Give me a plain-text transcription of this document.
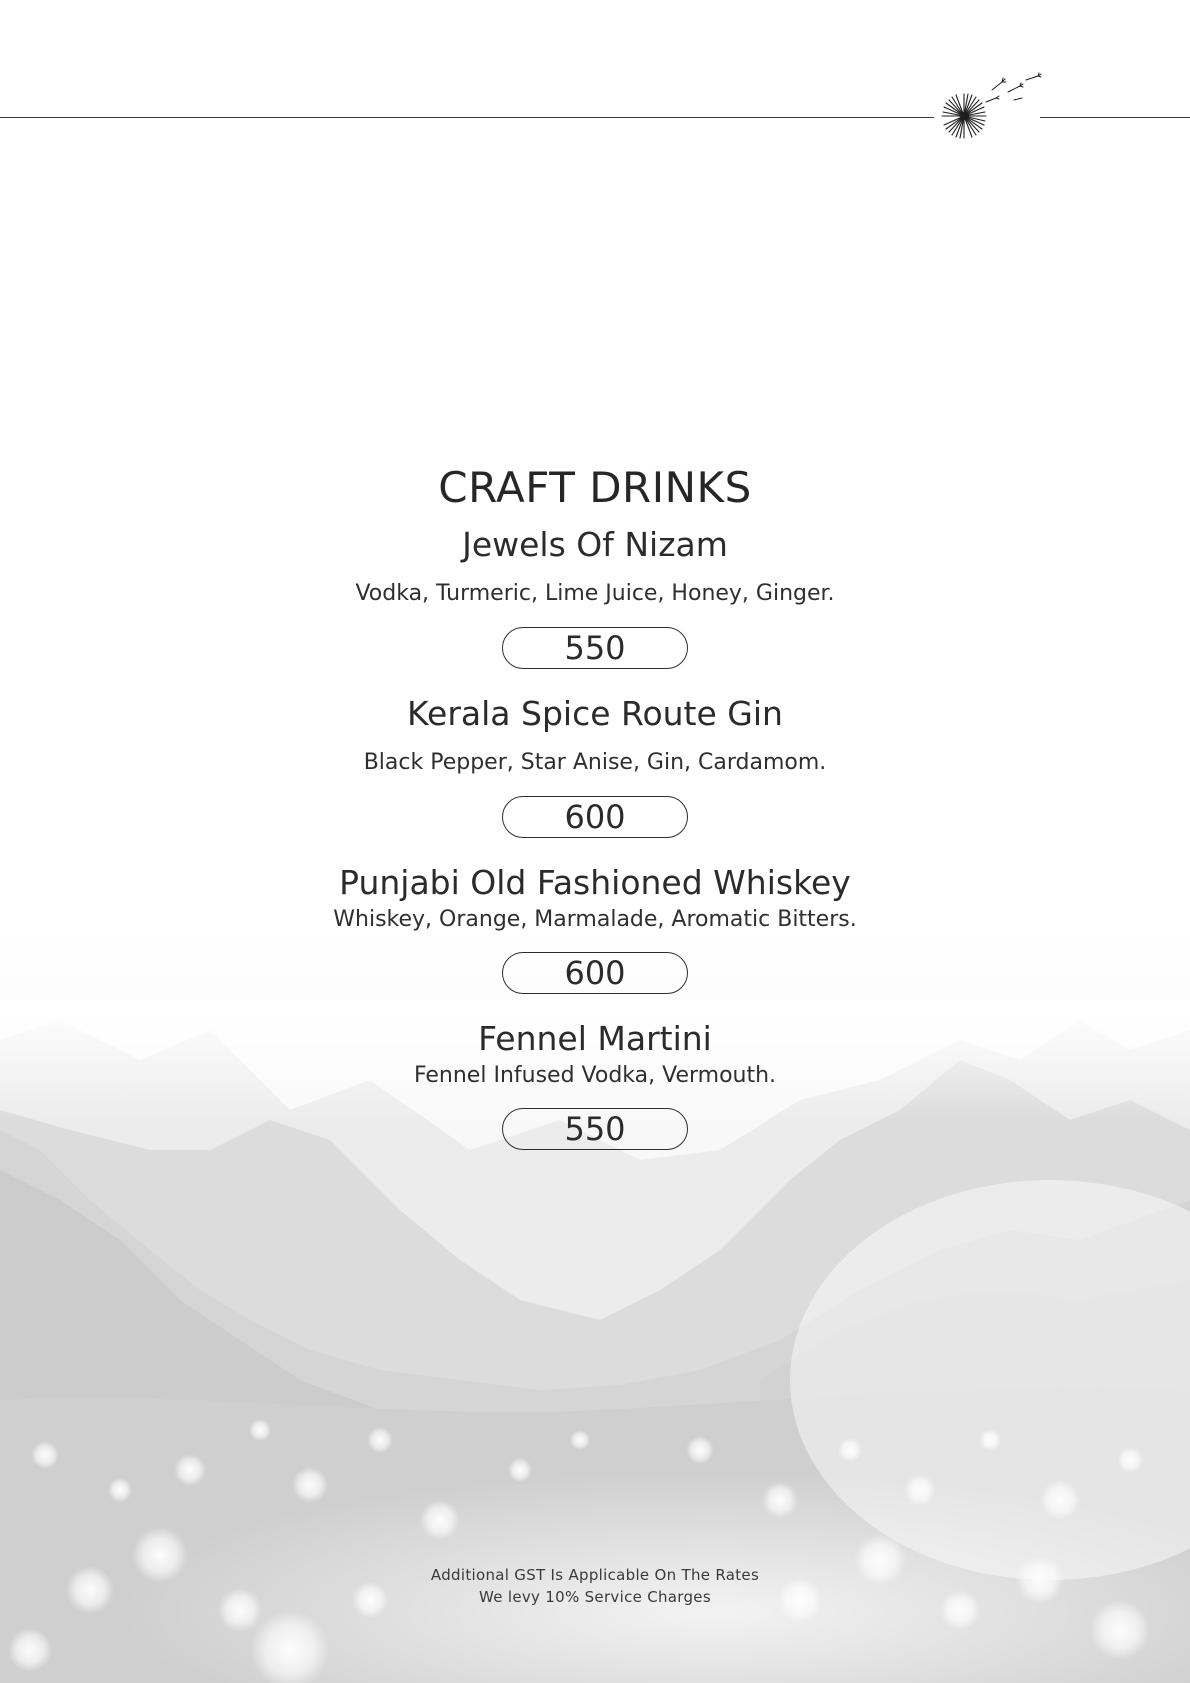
CRAFT DRINKS

Jewels Of Nizam

Vodka, Turmeric, Lime Juice, Honey, Ginger.

550

Kerala Spice Route Gin

Black Pepper, Star Anise, Gin, Cardamom.

600

Punjabi Old Fashioned Whiskey

Whiskey, Orange, Marmalade, Aromatic Bitters.

600

Fennel Martini

Fennel Infused Vodka, Vermouth.

550
Additional GST Is Applicable On The Rates
We levy 10% Service Charges
